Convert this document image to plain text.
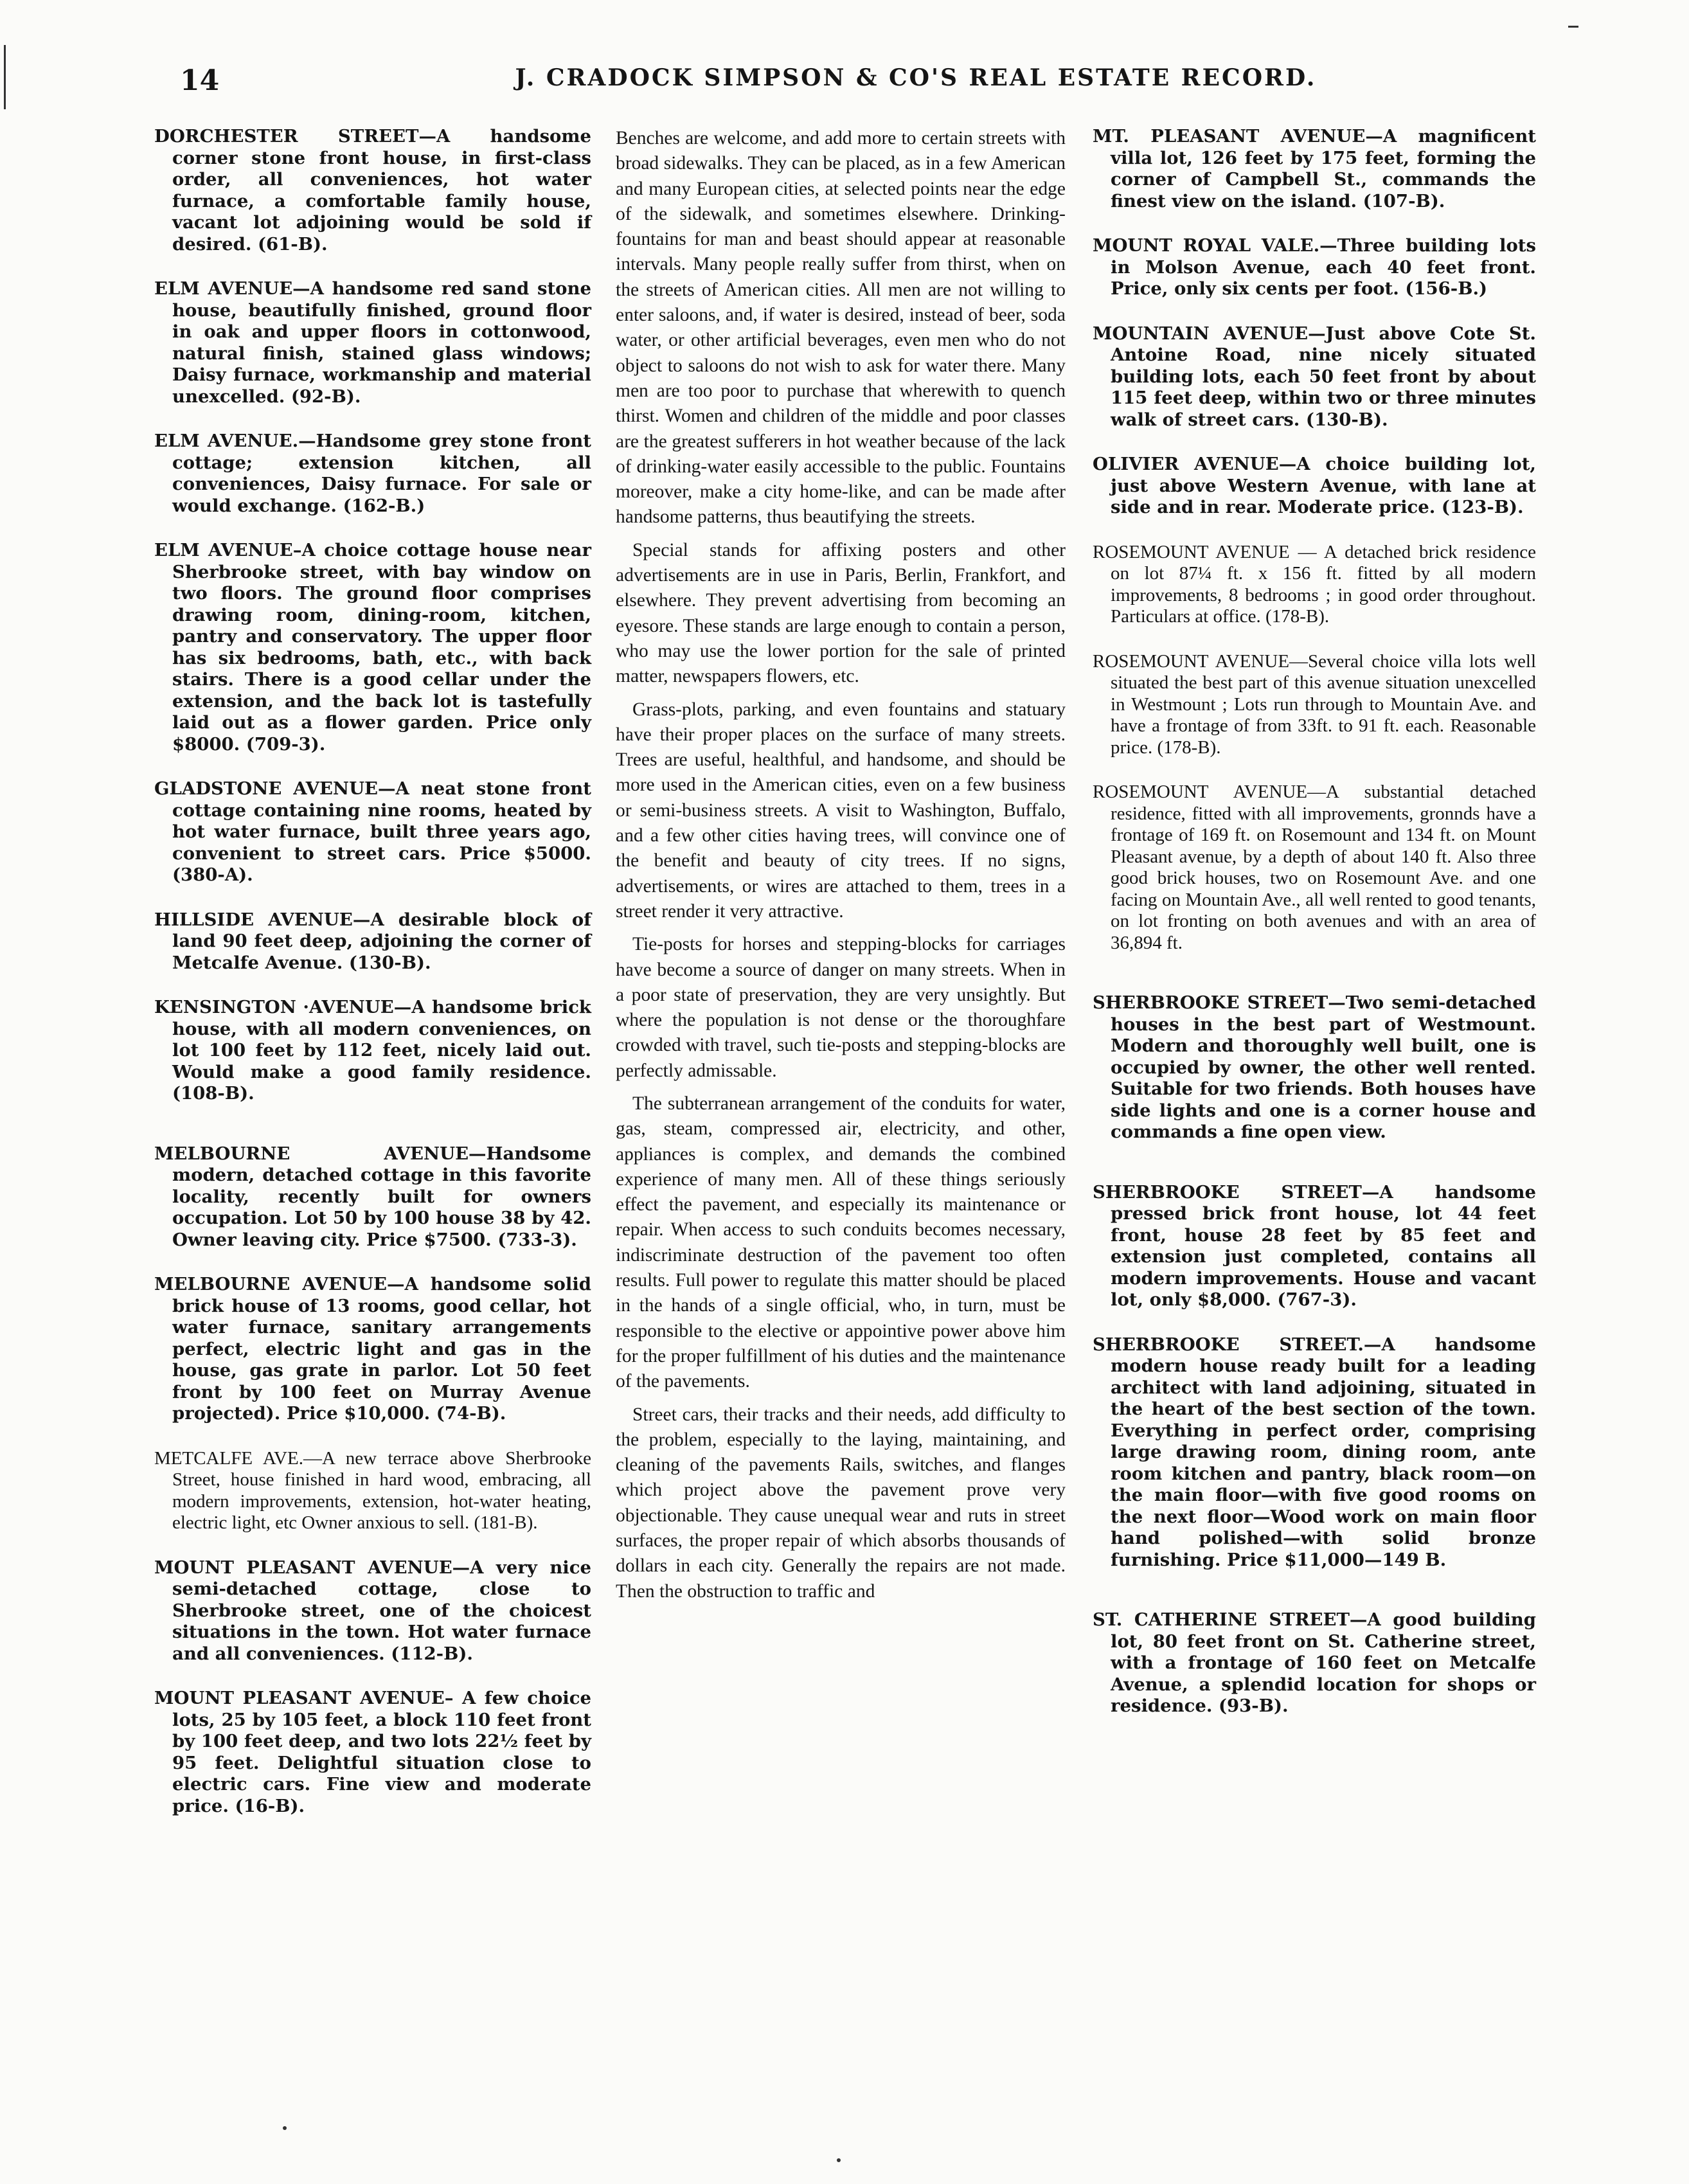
14	J. CRADOCK SIMPSON & CO'S REAL ESTATE RECORD.

DORCHESTER STREET—A handsome corner stone front house, in first-class order, all conveniences, hot water furnace, a comfortable family house, vacant lot adjoining would be sold if desired. (61-B).

ELM AVENUE—A handsome red sand stone house, beautifully finished, ground floor in oak and upper floors in cottonwood, natural finish, stained glass windows; Daisy furnace, workmanship and material unexcelled. (92-B).

ELM AVENUE.—Handsome grey stone front cottage; extension kitchen, all conveniences, Daisy furnace. For sale or would exchange. (162-B.)

ELM AVENUE–A choice cottage house near Sherbrooke street, with bay window on two floors. The ground floor comprises drawing room, dining-room, kitchen, pantry and conservatory. The upper floor has six bedrooms, bath, etc., with back stairs. There is a good cellar under the extension, and the back lot is tastefully laid out as a flower garden. Price only $8000. (709-3).

GLADSTONE AVENUE—A neat stone front cottage containing nine rooms, heated by hot water furnace, built three years ago, convenient to street cars. Price $5000. (380-A).

HILLSIDE AVENUE—A desirable block of land 90 feet deep, adjoining the corner of Metcalfe Avenue. (130-B).

KENSINGTON ·AVENUE—A handsome brick house, with all modern conveniences, on lot 100 feet by 112 feet, nicely laid out. Would make a good family residence. (108-B).

MELBOURNE AVENUE—Handsome modern, detached cottage in this favorite locality, recently built for owners occupation. Lot 50 by 100 house 38 by 42. Owner leaving city. Price $7500. (733-3).

MELBOURNE AVENUE—A handsome solid brick house of 13 rooms, good cellar, hot water furnace, sanitary arrangements perfect, electric light and gas in the house, gas grate in parlor. Lot 50 feet front by 100 feet on Murray Avenue projected). Price $10,000. (74-B).

METCALFE AVE.—A new terrace above Sherbrooke Street, house finished in hard wood, embracing, all modern improvements, extension, hot-water heating, electric light, etc Owner anxious to sell. (181-B).

MOUNT PLEASANT AVENUE—A very nice semi-detached cottage, close to Sherbrooke street, one of the choicest situations in the town. Hot water furnace and all conveniences. (112-B).

MOUNT PLEASANT AVENUE– A few choice lots, 25 by 105 feet, a block 110 feet front by 100 feet deep, and two lots 22½ feet by 95 feet. Delightful situation close to electric cars. Fine view and moderate price. (16-B).

Benches are welcome, and add more to certain streets with broad sidewalks. They can be placed, as in a few American and many European cities, at selected points near the edge of the sidewalk, and sometimes elsewhere. Drinking-fountains for man and beast should appear at reasonable intervals. Many people really suffer from thirst, when on the streets of American cities. All men are not willing to enter saloons, and, if water is desired, instead of beer, soda water, or other artificial beverages, even men who do not object to saloons do not wish to ask for water there. Many men are too poor to purchase that wherewith to quench thirst. Women and children of the middle and poor classes are the greatest sufferers in hot weather because of the lack of drinking-water easily accessible to the public. Fountains moreover, make a city home-like, and can be made after handsome patterns, thus beautifying the streets.

Special stands for affixing posters and other advertisements are in use in Paris, Berlin, Frankfort, and elsewhere. They prevent advertising from becoming an eyesore. These stands are large enough to contain a person, who may use the lower portion for the sale of printed matter, newspapers flowers, etc.

Grass-plots, parking, and even fountains and statuary have their proper places on the surface of many streets. Trees are useful, healthful, and handsome, and should be more used in the American cities, even on a few business or semi-business streets. A visit to Washington, Buffalo, and a few other cities having trees, will convince one of the benefit and beauty of city trees. If no signs, advertisements, or wires are attached to them, trees in a street render it very attractive.

Tie-posts for horses and stepping-blocks for carriages have become a source of danger on many streets. When in a poor state of preservation, they are very unsightly. But where the population is not dense or the thoroughfare crowded with travel, such tie-posts and stepping-blocks are perfectly admissable.

The subterranean arrangement of the conduits for water, gas, steam, compressed air, electricity, and other, appliances is complex, and demands the combined experience of many men. All of these things seriously effect the pavement, and especially its maintenance or repair. When access to such conduits becomes necessary, indiscriminate destruction of the pavement too often results. Full power to regulate this matter should be placed in the hands of a single official, who, in turn, must be responsible to the elective or appointive power above him for the proper fulfillment of his duties and the maintenance of the pavements.

Street cars, their tracks and their needs, add difficulty to the problem, especially to the laying, maintaining, and cleaning of the pavements Rails, switches, and flanges which project above the pavement prove very objectionable. They cause unequal wear and ruts in street surfaces, the proper repair of which absorbs thousands of dollars in each city. Generally the repairs are not made. Then the obstruction to traffic and

MT. PLEASANT AVENUE—A magnificent villa lot, 126 feet by 175 feet, forming the corner of Campbell St., commands the finest view on the island. (107-B).

MOUNT ROYAL VALE.—Three building lots in Molson Avenue, each 40 feet front. Price, only six cents per foot. (156-B.)

MOUNTAIN AVENUE—Just above Cote St. Antoine Road, nine nicely situated building lots, each 50 feet front by about 115 feet deep, within two or three minutes walk of street cars. (130-B).

OLIVIER AVENUE—A choice building lot, just above Western Avenue, with lane at side and in rear. Moderate price. (123-B).

ROSEMOUNT AVENUE — A detached brick residence on lot 87¼ ft. x 156 ft. fitted by all modern improvements, 8 bedrooms ; in good order throughout. Particulars at office. (178-B).

ROSEMOUNT AVENUE—Several choice villa lots well situated the best part of this avenue situation unexcelled in Westmount ; Lots run through to Mountain Ave. and have a frontage of from 33ft. to 91 ft. each. Reasonable price. (178-B).

ROSEMOUNT AVENUE—A substantial detached residence, fitted with all improvements, gronnds have a frontage of 169 ft. on Rosemount and 134 ft. on Mount Pleasant avenue, by a depth of about 140 ft. Also three good brick houses, two on Rosemount Ave. and one facing on Mountain Ave., all well rented to good tenants, on lot fronting on both avenues and with an area of 36,894 ft.

SHERBROOKE STREET—Two semi-detached houses in the best part of Westmount. Modern and thoroughly well built, one is occupied by owner, the other well rented. Suitable for two friends. Both houses have side lights and one is a corner house and commands a fine open view.

SHERBROOKE STREET—A handsome pressed brick front house, lot 44 feet front, house 28 feet by 85 feet and extension just completed, contains all modern improvements. House and vacant lot, only $8,000. (767-3).

SHERBROOKE STREET.—A handsome modern house ready built for a leading architect with land adjoining, situated in the heart of the best section of the town. Everything in perfect order, comprising large drawing room, dining room, ante room kitchen and pantry, black room—on the main floor—with five good rooms on the next floor—Wood work on main floor hand polished—with solid bronze furnishing. Price $11,000—149 B.

ST. CATHERINE STREET—A good building lot, 80 feet front on St. Catherine street, with a frontage of 160 feet on Metcalfe Avenue, a splendid location for shops or residence. (93-B).
